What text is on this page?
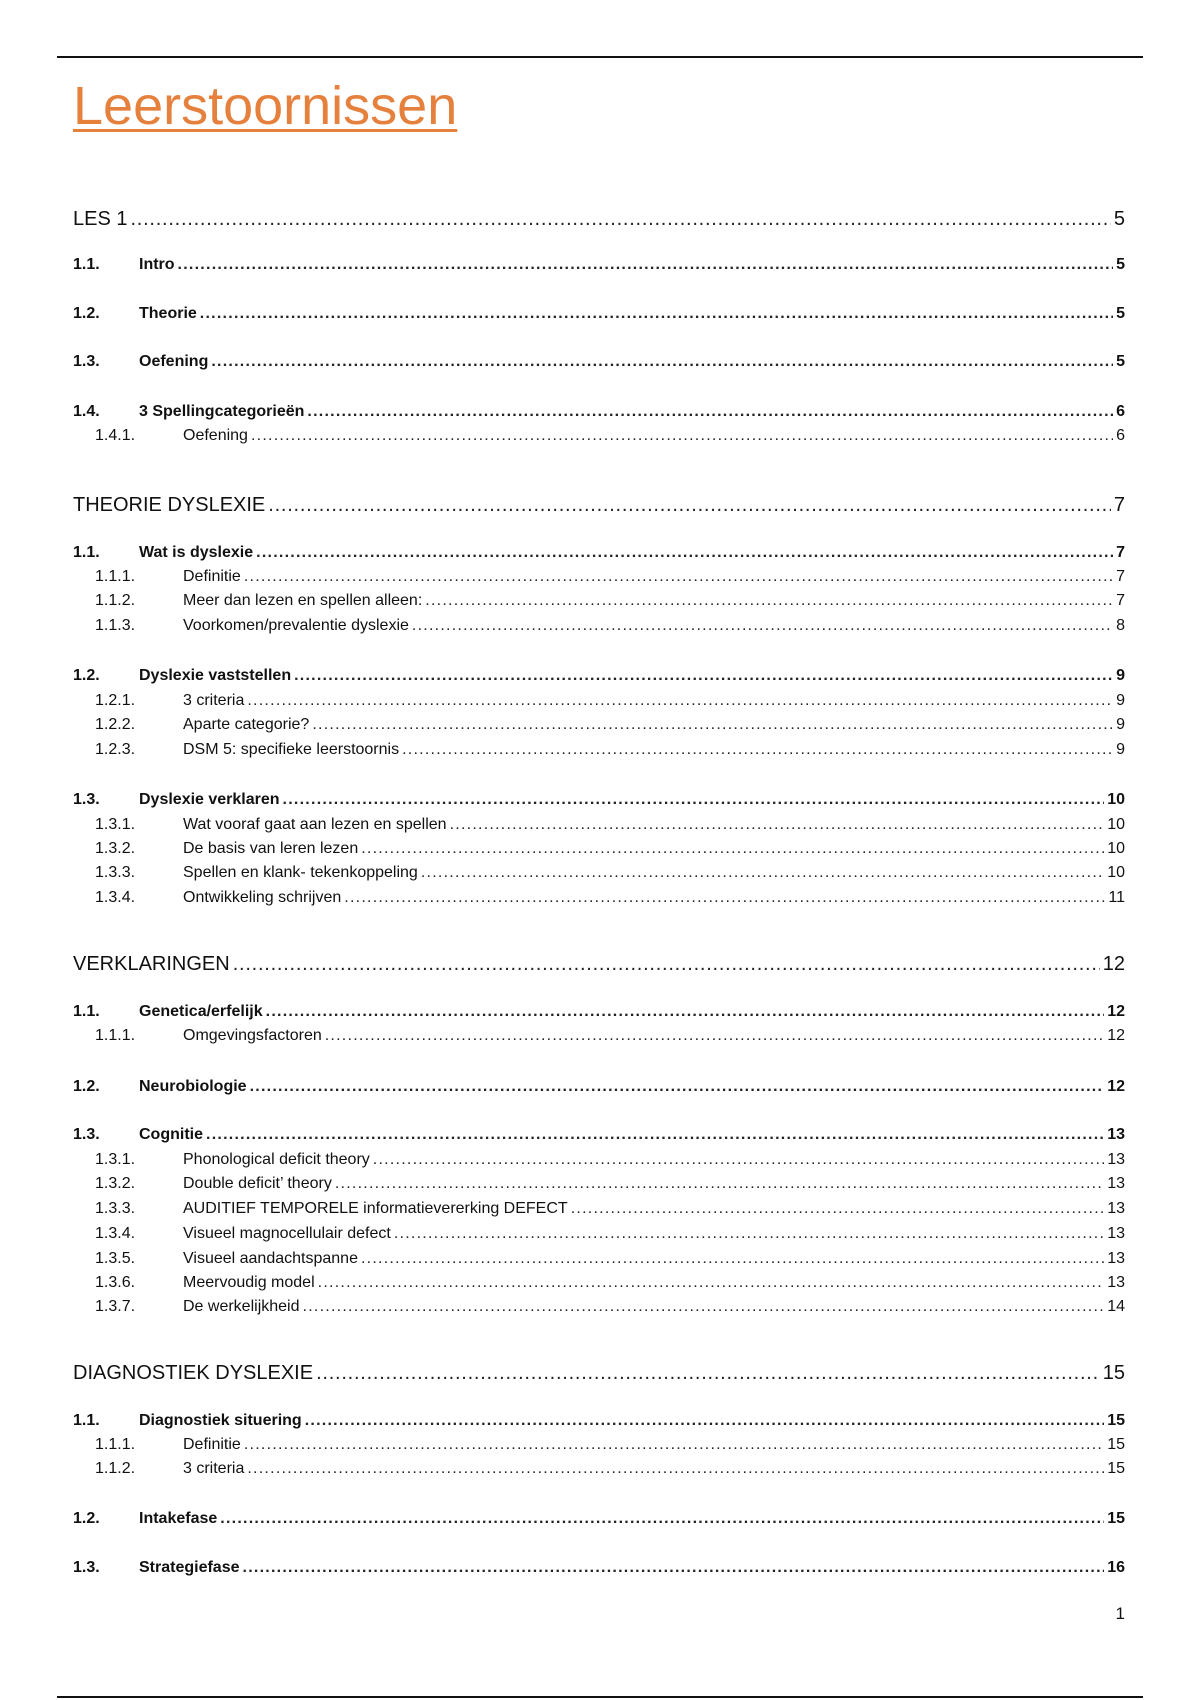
Leerstoornissen
LES 1 . . .	5
1.1.	Intro . . .	5
1.2.	Theorie . . .	5
1.3.	Oefening . . .	5
1.4.	3 Spellingcategorieën . . .	6
1.4.1.	Oefening . . .	6
THEORIE DYSLEXIE . . .	7
1.1.	Wat is dyslexie . . .	7
1.1.1.	Definitie . . .	7
1.1.2.	Meer dan lezen en spellen alleen: . . .	7
1.1.3.	Voorkomen/prevalentie dyslexie . . .	8
1.2.	Dyslexie vaststellen . . .	9
1.2.1.	3 criteria . . .	9
1.2.2.	Aparte categorie? . . .	9
1.2.3.	DSM 5: specifieke leerstoornis . . .	9
1.3.	Dyslexie verklaren . . .	10
1.3.1.	Wat vooraf gaat aan lezen en spellen . . .	10
1.3.2.	De basis van leren lezen . . .	10
1.3.3.	Spellen en klank- tekenkoppeling . . .	10
1.3.4.	Ontwikkeling schrijven . . .	11
VERKLARINGEN . . .	12
1.1.	Genetica/erfelijk . . .	12
1.1.1.	Omgevingsfactoren . . .	12
1.2.	Neurobiologie . . .	12
1.3.	Cognitie . . .	13
1.3.1.	Phonological deficit theory . . .	13
1.3.2.	Double deficit’ theory . . .	13
1.3.3.	AUDITIEF TEMPORELE informatievererking DEFECT . . .	13
1.3.4.	Visueel magnocellulair defect . . .	13
1.3.5.	Visueel aandachtspanne . . .	13
1.3.6.	Meervoudig model . . .	13
1.3.7.	De werkelijkheid . . .	14
DIAGNOSTIEK DYSLEXIE . . .	15
1.1.	Diagnostiek situering . . .	15
1.1.1.	Definitie . . .	15
1.1.2.	3 criteria . . .	15
1.2.	Intakefase . . .	15
1.3.	Strategiefase . . .	16
1
